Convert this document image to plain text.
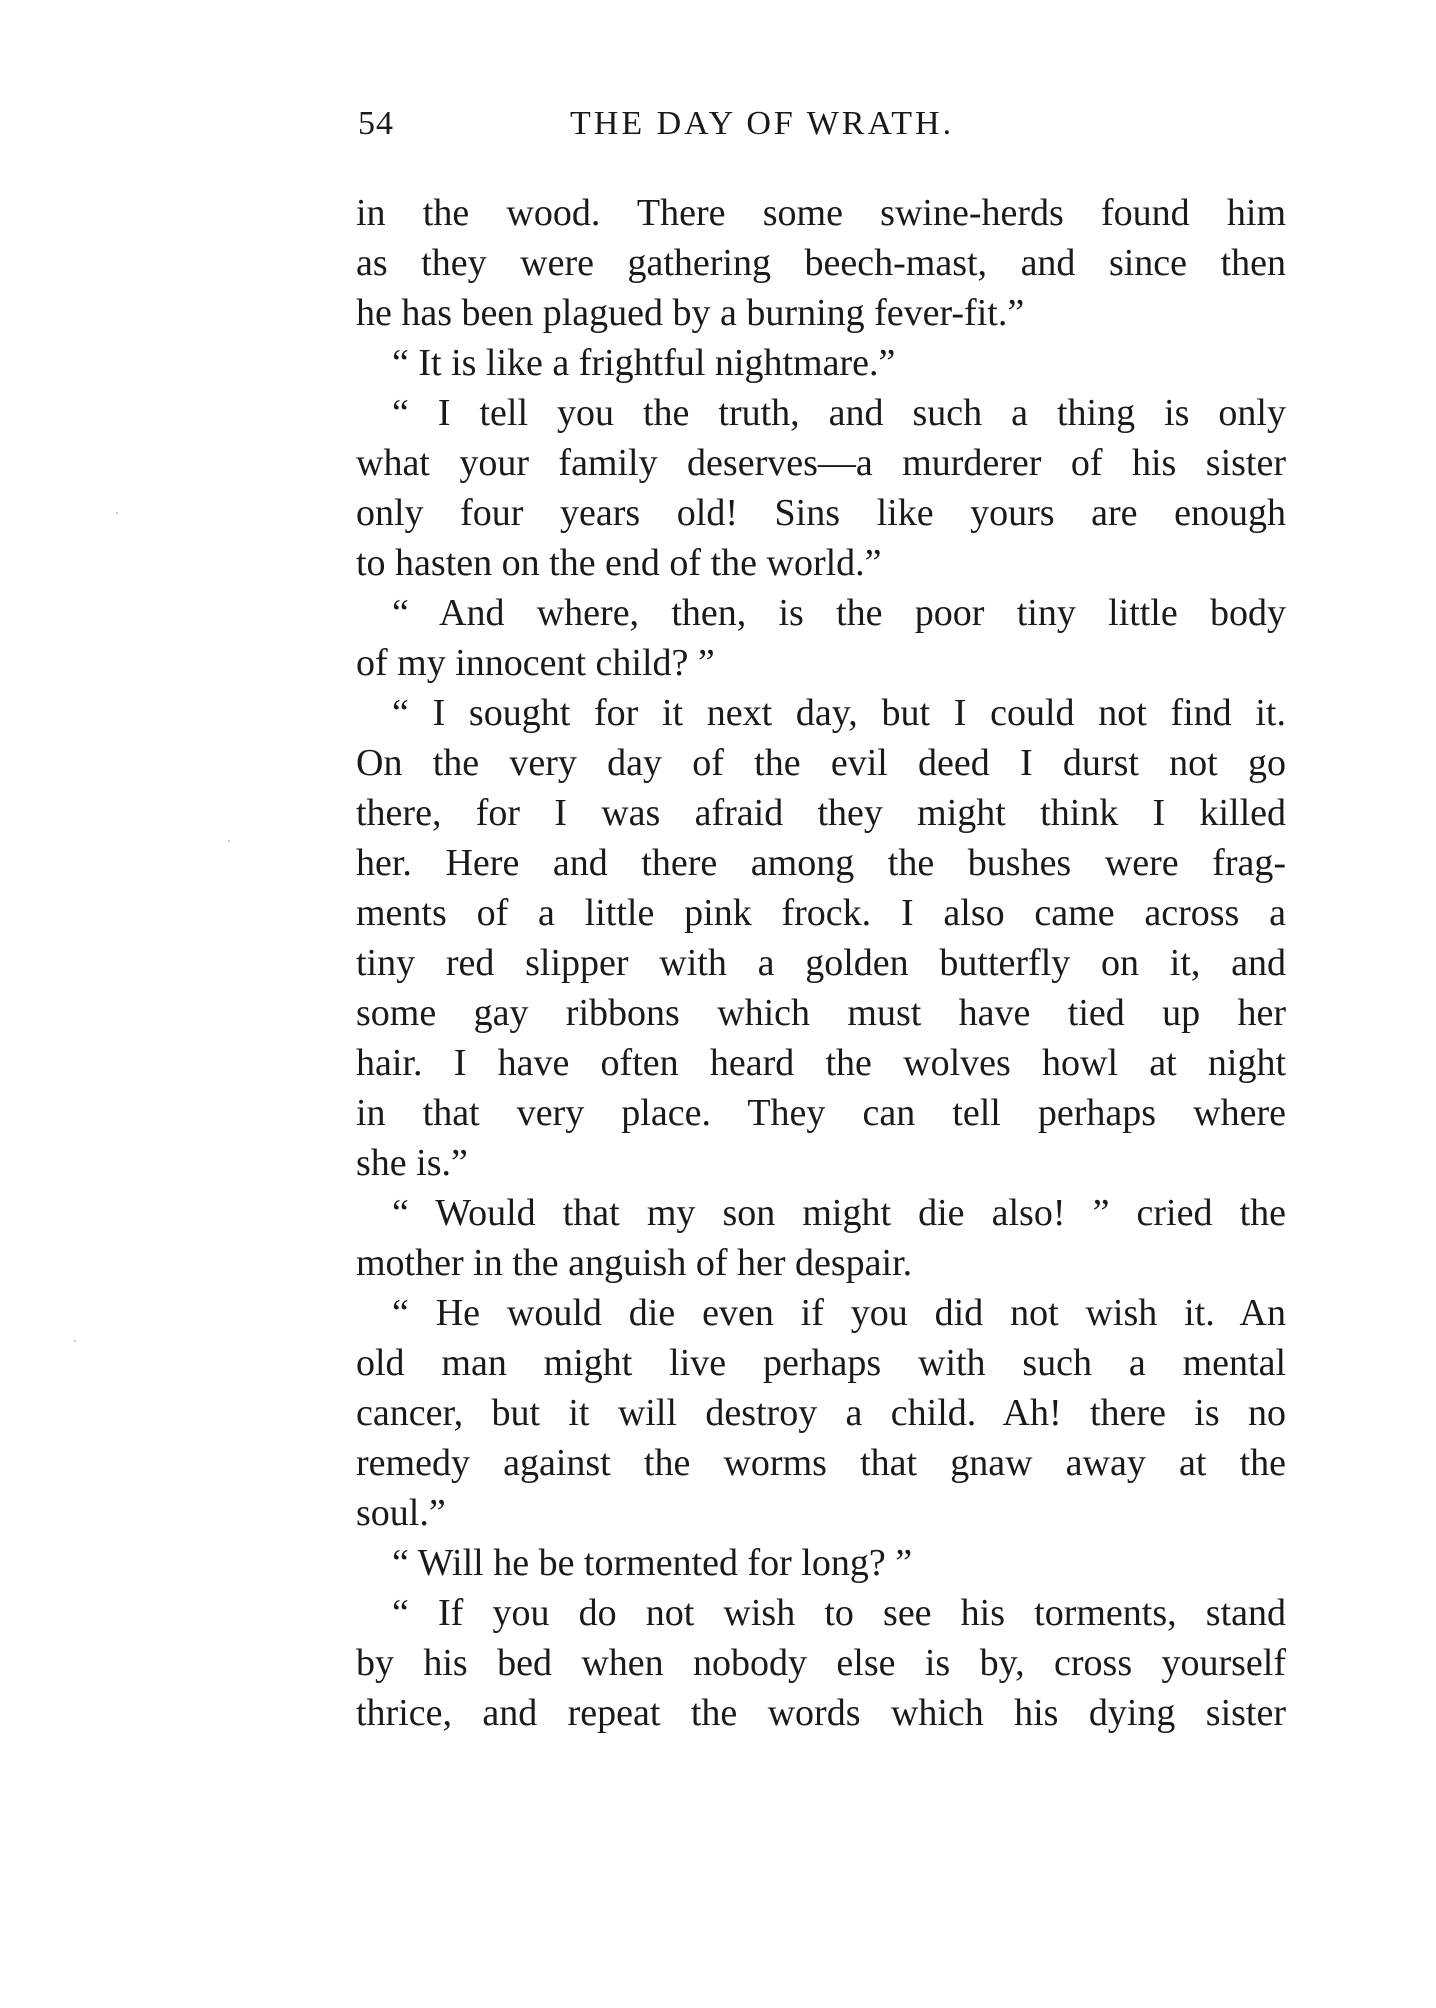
54	THE DAY OF WRATH.
in the wood. There some swine-herds found him
as they were gathering beech-mast, and since then
he has been plagued by a burning fever-fit.”
“ It is like a frightful nightmare.”
“ I tell you the truth, and such a thing is only
what your family deserves—a murderer of his sister
only four years old! Sins like yours are enough
to hasten on the end of the world.”
“ And where, then, is the poor tiny little body
of my innocent child? ”
“ I sought for it next day, but I could not find it.
On the very day of the evil deed I durst not go
there, for I was afraid they might think I killed
her. Here and there among the bushes were frag-
ments of a little pink frock. I also came across a
tiny red slipper with a golden butterfly on it, and
some gay ribbons which must have tied up her
hair. I have often heard the wolves howl at night
in that very place. They can tell perhaps where
she is.”
“ Would that my son might die also! ” cried the
mother in the anguish of her despair.
“ He would die even if you did not wish it. An
old man might live perhaps with such a mental
cancer, but it will destroy a child. Ah! there is no
remedy against the worms that gnaw away at the
soul.”
“ Will he be tormented for long? ”
“ If you do not wish to see his torments, stand
by his bed when nobody else is by, cross yourself
thrice, and repeat the words which his dying sister
